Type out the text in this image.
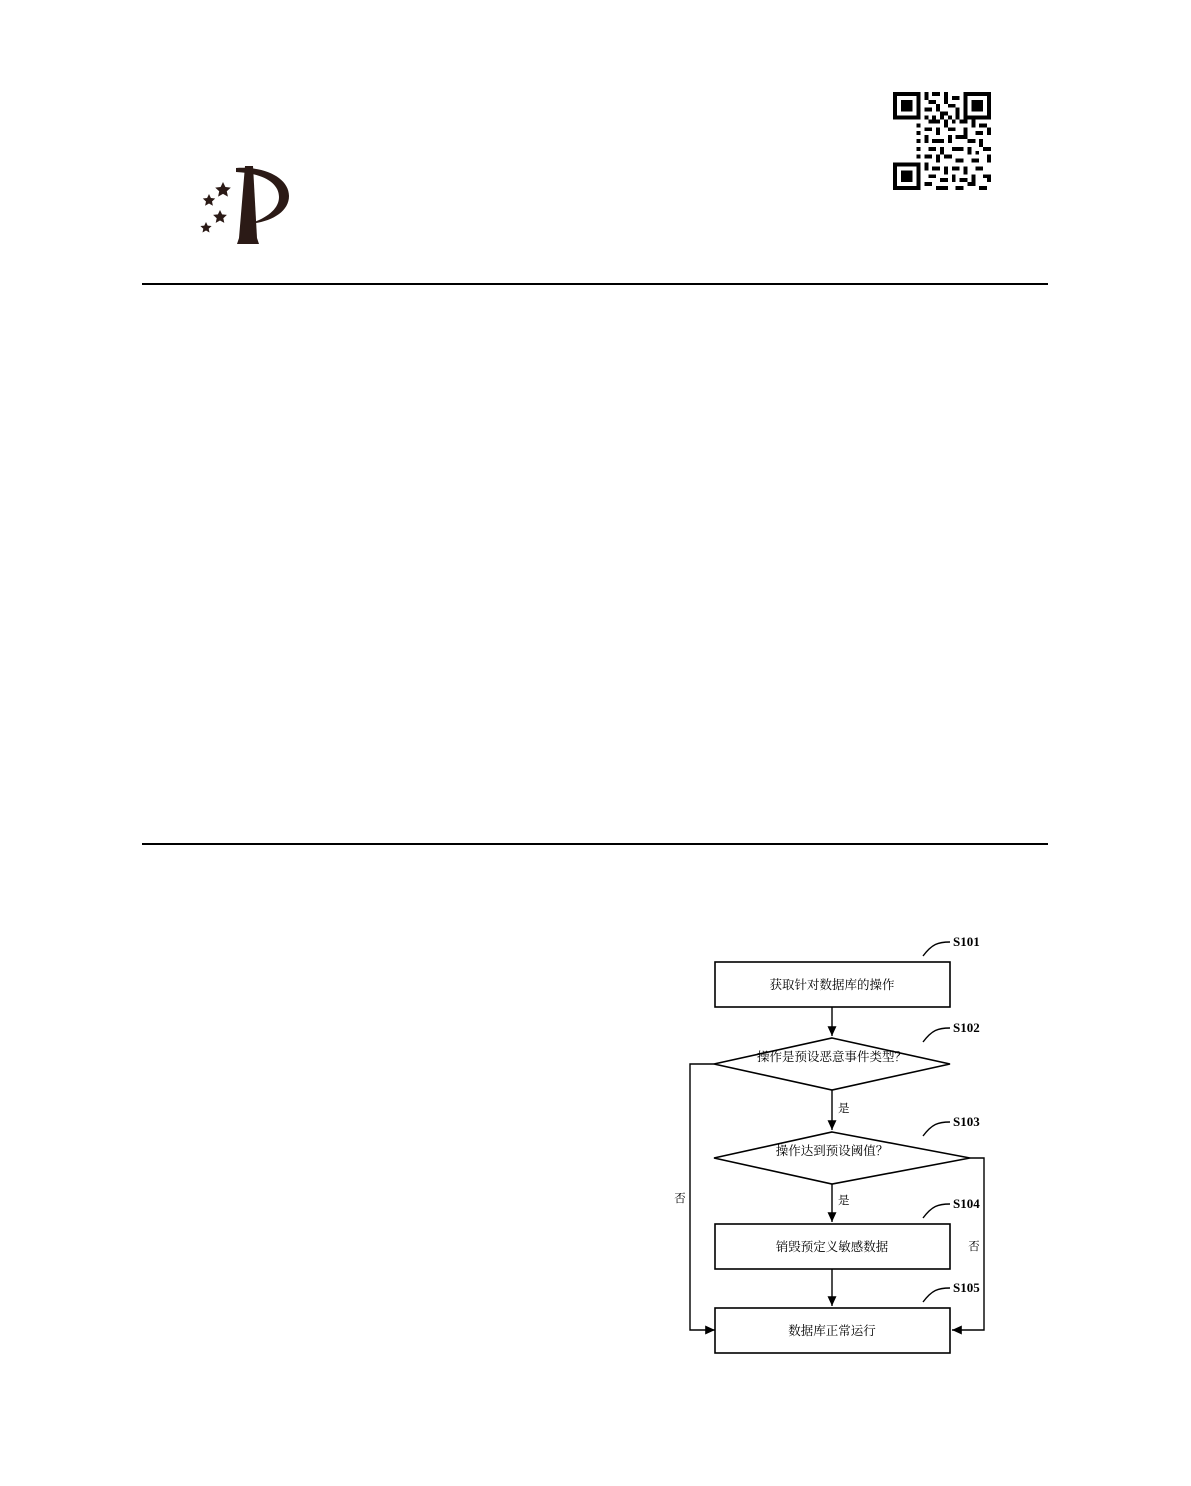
获取针对数据库的操作
S101
操作是预设恶意事件类型？
S102
是
否
操作达到预设阈值？
S103
是
否
销毁预定义敏感数据
S104
数据库正常运行
S105
